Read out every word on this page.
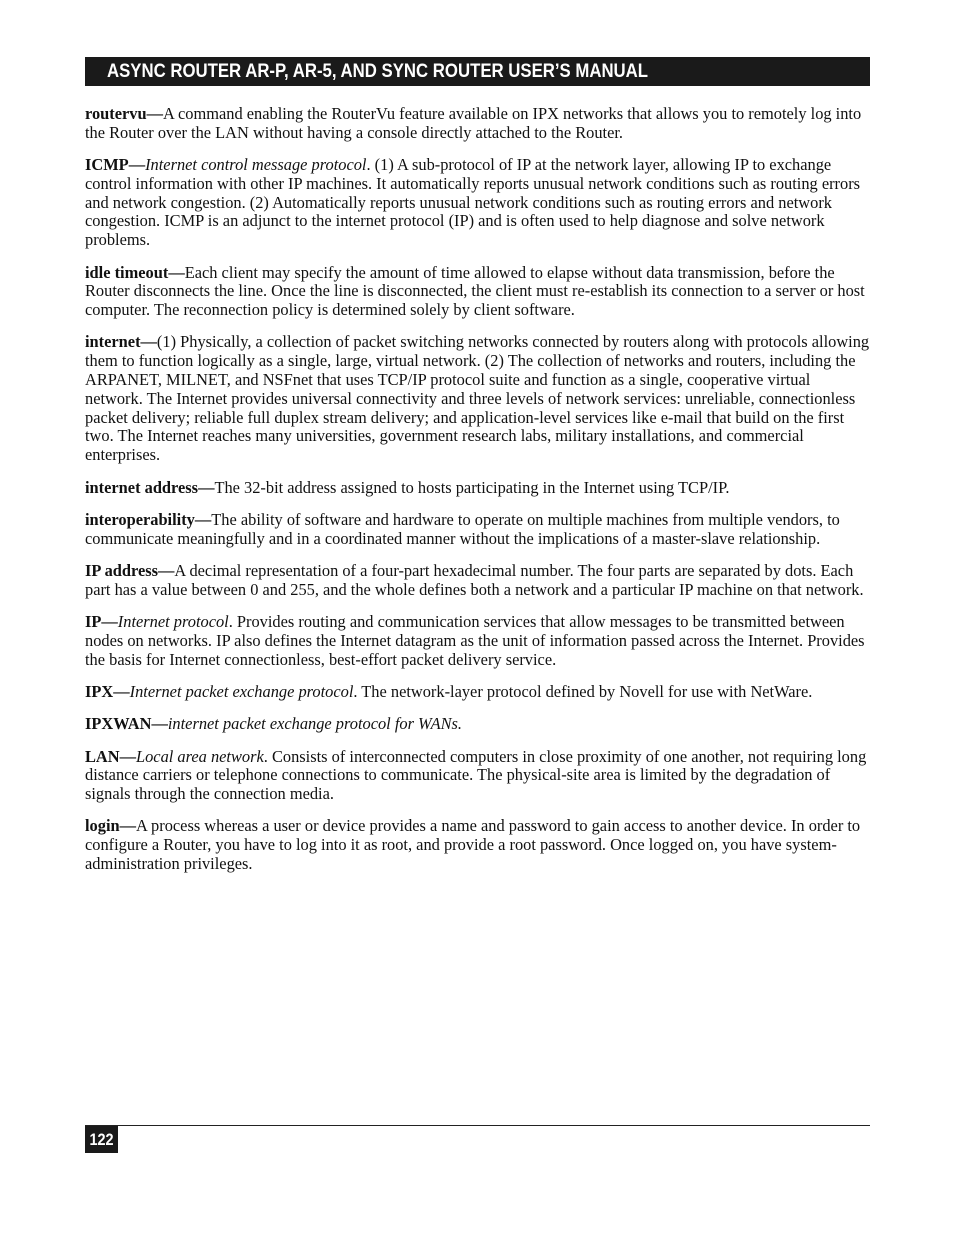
ASYNC ROUTER AR-P, AR-5, AND SYNC ROUTER USER’S MANUAL

routervu—A command enabling the RouterVu feature available on IPX networks that allows you to remotely log into the Router over the LAN without having a console directly attached to the Router.

ICMP—Internet control message protocol. (1) A sub-protocol of IP at the network layer, allowing IP to exchange control information with other IP machines. It automatically reports unusual network conditions such as routing errors and network congestion. (2) Automatically reports unusual network conditions such as routing errors and network congestion. ICMP is an adjunct to the internet protocol (IP) and is often used to help diagnose and solve network problems.

idle timeout—Each client may specify the amount of time allowed to elapse without data transmission, before the Router disconnects the line. Once the line is disconnected, the client must re-establish its connection to a server or host computer. The reconnection policy is determined solely by client software.

internet—(1) Physically, a collection of packet switching networks connected by routers along with protocols allowing them to function logically as a single, large, virtual network. (2) The collection of networks and routers, including the ARPANET, MILNET, and NSFnet that uses TCP/IP protocol suite and function as a single, cooperative virtual network. The Internet provides universal connectivity and three levels of network services: unreliable, connectionless packet delivery; reliable full duplex stream delivery; and application-level services like e-mail that build on the first two. The Internet reaches many universities, government research labs, military installations, and commercial enterprises.

internet address—The 32-bit address assigned to hosts participating in the Internet using TCP/IP.

interoperability—The ability of software and hardware to operate on multiple machines from multiple vendors, to communicate meaningfully and in a coordinated manner without the implications of a master-slave relationship.

IP address—A decimal representation of a four-part hexadecimal number. The four parts are separated by dots. Each part has a value between 0 and 255, and the whole defines both a network and a particular IP machine on that network.

IP—Internet protocol. Provides routing and communication services that allow messages to be transmitted between nodes on networks. IP also defines the Internet datagram as the unit of information passed across the Internet. Provides the basis for Internet connectionless, best-effort packet delivery service.

IPX—Internet packet exchange protocol. The network-layer protocol defined by Novell for use with NetWare.

IPXWAN—internet packet exchange protocol for WANs.

LAN—Local area network. Consists of interconnected computers in close proximity of one another, not requiring long distance carriers or telephone connections to communicate. The physical-site area is limited by the degradation of signals through the connection media.

login—A process whereas a user or device provides a name and password to gain access to another device. In order to configure a Router, you have to log into it as root, and provide a root password. Once logged on, you have system-administration privileges.

122
